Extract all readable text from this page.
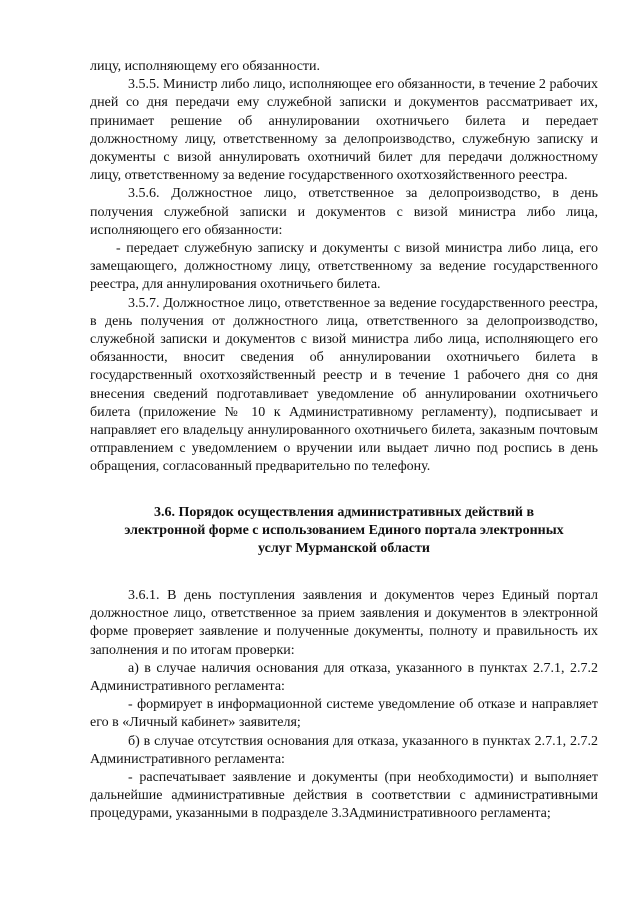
лицу, исполняющему его обязанности.

3.5.5. Министр либо лицо, исполняющее его обязанности, в течение 2 рабочих дней со дня передачи ему служебной записки и документов рассматривает их, принимает решение об аннулировании охотничьего билета и передает должностному лицу, ответственному за делопроизводство, служебную записку и документы с визой аннулировать охотничий билет для передачи должностному лицу, ответственному за ведение государственного охотхозяйственного реестра.

3.5.6. Должностное лицо, ответственное за делопроизводство, в день получения служебной записки и документов с визой министра либо лица, исполняющего его обязанности:

- передает служебную записку и документы с визой министра либо лица, его замещающего, должностному лицу, ответственному за ведение государственного реестра, для аннулирования охотничьего билета.

3.5.7. Должностное лицо, ответственное за ведение государственного реестра, в день получения от должностного лица, ответственного за делопроизводство, служебной записки и документов с визой министра либо лица, исполняющего его обязанности, вносит сведения об аннулировании охотничьего билета в государственный охотхозяйственный реестр и в течение 1 рабочего дня со дня внесения сведений подготавливает уведомление об аннулировании охотничьего билета (приложение № 10 к Административному регламенту), подписывает и направляет его владельцу аннулированного охотничьего билета, заказным почтовым отправлением с уведомлением о вручении или выдает лично под роспись в день обращения, согласованный предварительно по телефону.

3.6. Порядок осуществления административных действий в
электронной форме с использованием Единого портала электронных
услуг Мурманской области

3.6.1. В день поступления заявления и документов через Единый портал должностное лицо, ответственное за прием заявления и документов в электронной форме проверяет заявление и полученные документы, полноту и правильность их заполнения и по итогам проверки:

а) в случае наличия основания для отказа, указанного в пунктах 2.7.1, 2.7.2 Административного регламента:

- формирует в информационной системе уведомление об отказе и направляет его в «Личный кабинет» заявителя;

б) в случае отсутствия основания для отказа, указанного в пунктах 2.7.1, 2.7.2 Административного регламента:

- распечатывает заявление и документы (при необходимости) и выполняет дальнейшие административные действия в соответствии с административными процедурами, указанными в подразделе 3.3Административноого регламента;
